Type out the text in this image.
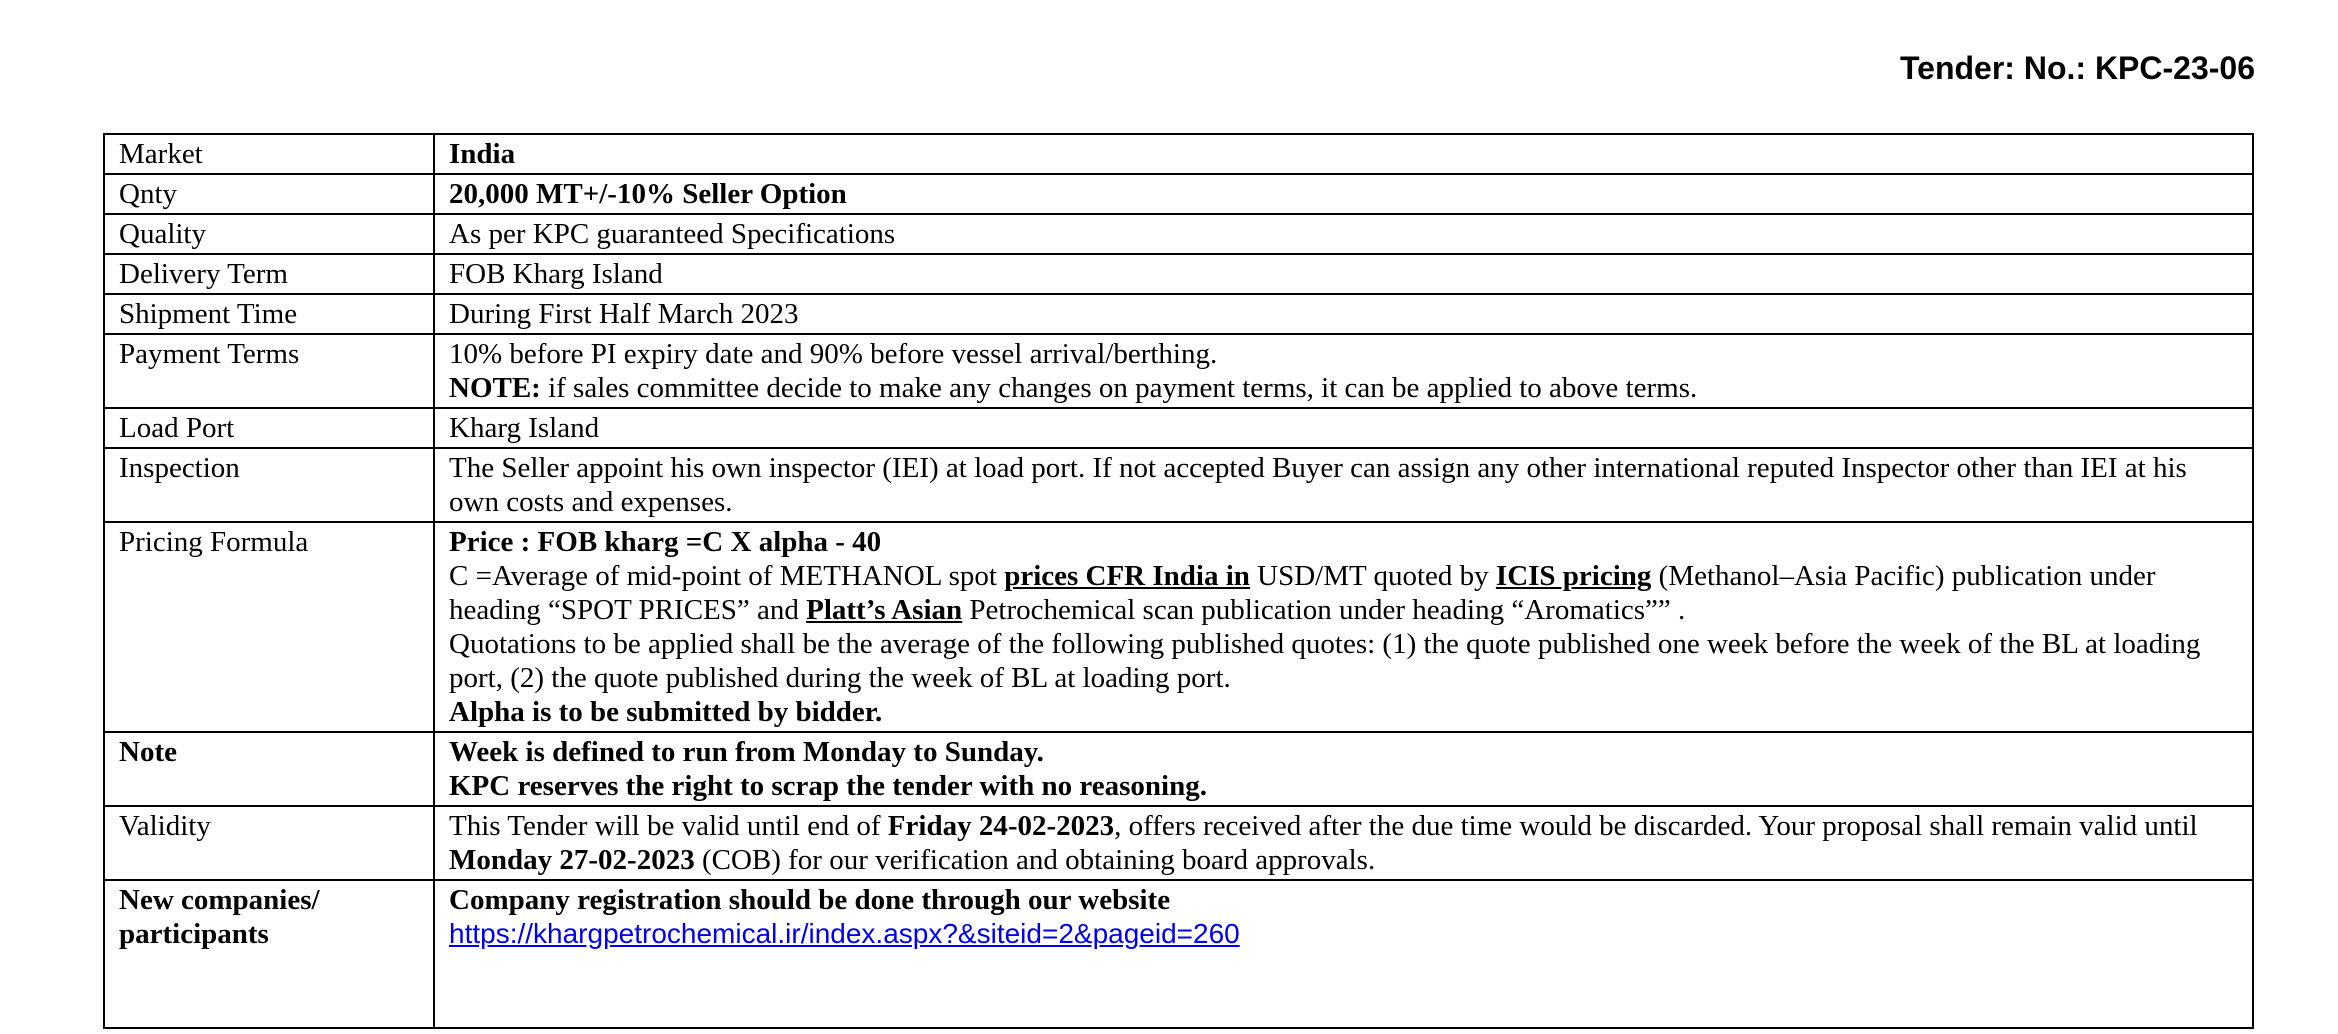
Tender: No.: KPC-23-06
Market	India
Qnty	20,000 MT+/-10% Seller Option
Quality	As per KPC guaranteed Specifications
Delivery Term	FOB Kharg Island
Shipment Time	During First Half March 2023
Payment Terms	10% before PI expiry date and 90% before vessel arrival/berthing.
NOTE: if sales committee decide to make any changes on payment terms, it can be applied to above terms.

Load Port	Kharg Island
Inspection	The Seller appoint his own inspector (IEI) at load port. If not accepted Buyer can assign any other international reputed Inspector other than IEI at his own costs and expenses.
Pricing Formula	Price : FOB kharg =C X alpha - 40
C =Average of mid-point of METHANOL spot prices CFR India in USD/MT quoted by ICIS pricing (Methanol–Asia Pacific) publication under heading “SPOT PRICES” and Platt’s Asian Petrochemical scan publication under heading “Aromatics”” .
Quotations to be applied shall be the average of the following published quotes: (1) the quote published one week before the week of the BL at loading port, (2) the quote published during the week of BL at loading port.
Alpha is to be submitted by bidder.

Note	Week is defined to run from Monday to Sunday.
KPC reserves the right to scrap the tender with no reasoning.

Validity	This Tender will be valid until end of Friday 24-02-2023, offers received after the due time would be discarded. Your proposal shall remain valid until Monday 27-02-2023 (COB) for our verification and obtaining board approvals.

New companies/
participants	Company registration should be done through our website
https://khargpetrochemical.ir/index.aspx?&siteid=2&pageid=260
